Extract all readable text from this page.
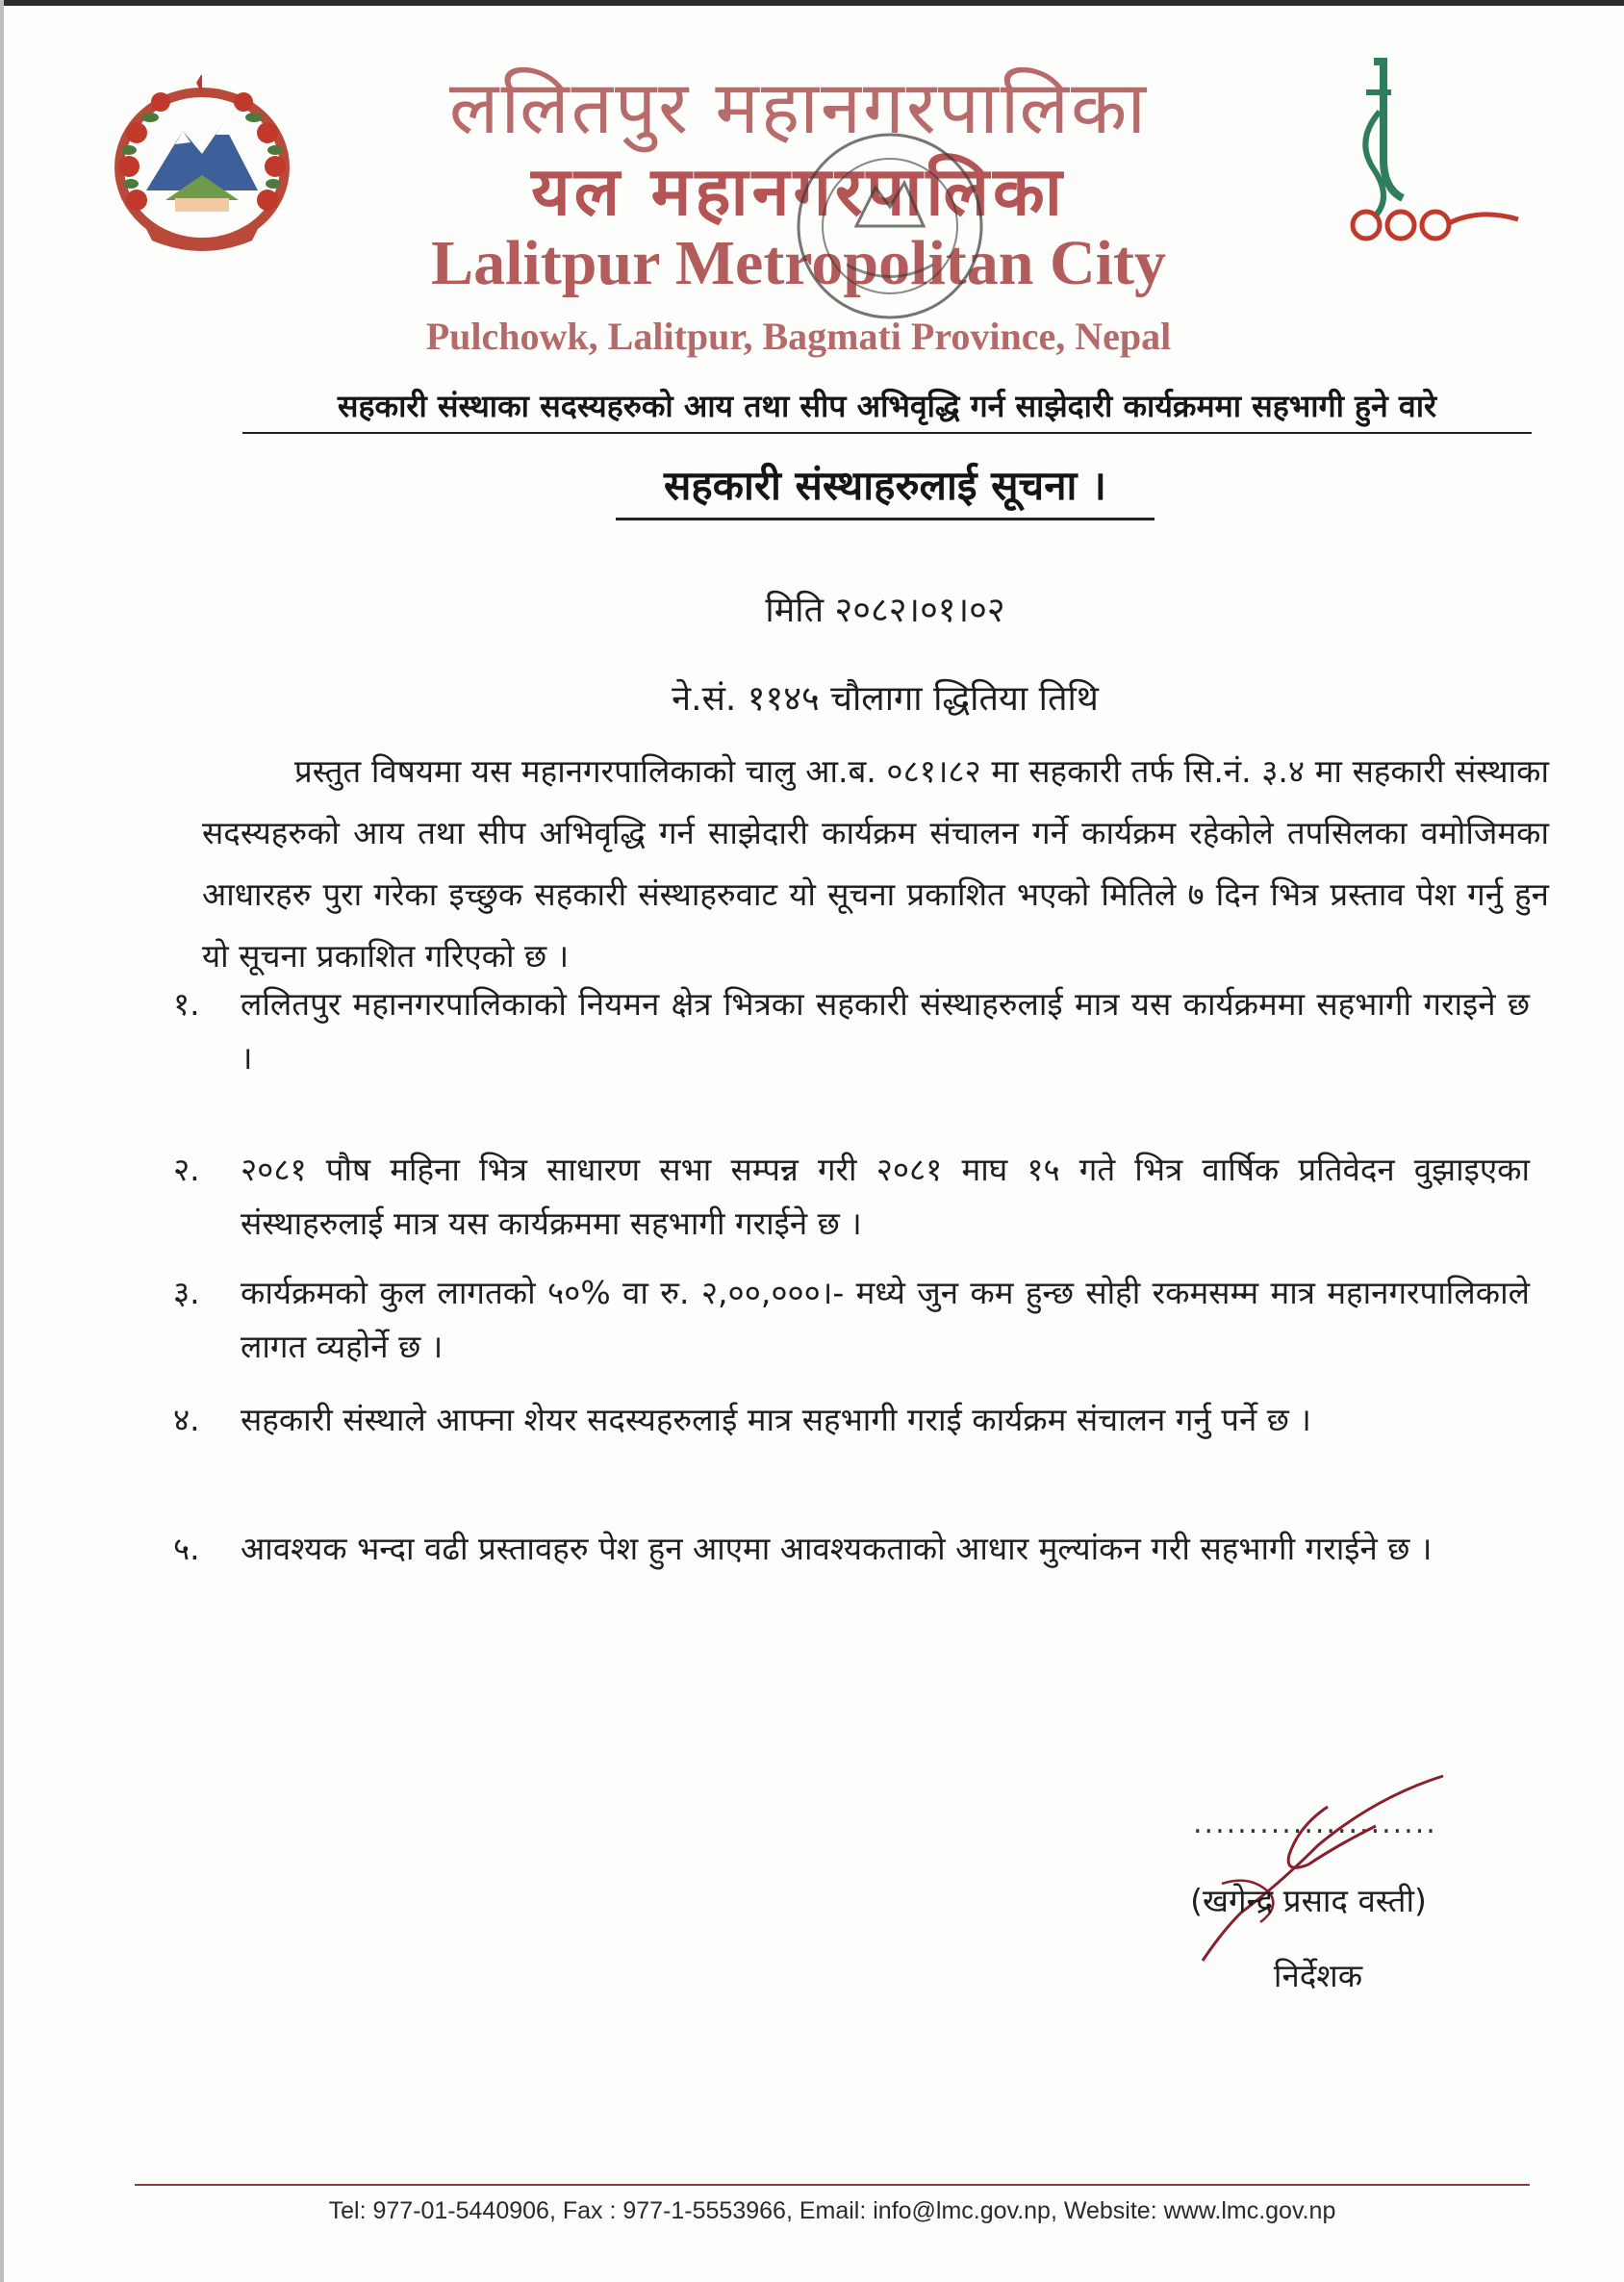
ललितपुर महानगरपालिका
यल महानगरपालिका
Lalitpur Metropolitan City
Pulchowk, Lalitpur, Bagmati Province, Nepal
सहकारी संस्थाका सदस्यहरुको आय तथा सीप अभिवृद्धि गर्न साझेदारी कार्यक्रममा सहभागी हुने वारे
सहकारी संस्थाहरुलाई सूचना ।
मिति २०८२।०१।०२
ने.सं. ११४५ चौलागा द्धितिया तिथि
प्रस्तुत विषयमा यस महानगरपालिकाको चालु आ.ब. ०८१।८२ मा सहकारी तर्फ सि.नं. ३.४ मा सहकारी संस्थाका सदस्यहरुको आय तथा सीप अभिवृद्धि गर्न साझेदारी कार्यक्रम संचालन गर्ने कार्यक्रम रहेकोले तपसिलका वमोजिमका आधारहरु पुरा गरेका इच्छुक सहकारी संस्थाहरुवाट यो सूचना प्रकाशित भएको मितिले ७ दिन भित्र प्रस्ताव पेश गर्नु हुन यो सूचना प्रकाशित गरिएको छ ।
१.	ललितपुर महानगरपालिकाको नियमन क्षेत्र भित्रका सहकारी संस्थाहरुलाई मात्र यस कार्यक्रममा सहभागी गराइने छ ।
२.	२०८१ पौष महिना भित्र साधारण सभा सम्पन्न गरी २०८१ माघ १५ गते भित्र वार्षिक प्रतिवेदन वुझाइएका संस्थाहरुलाई मात्र यस कार्यक्रममा सहभागी गराईने छ ।
३.	कार्यक्रमको कुल लागतको ५०% वा रु. २,००,०००।- मध्ये जुन कम हुन्छ सोही रकमसम्म मात्र महानगरपालिकाले लागत व्यहोर्ने छ ।
४.	सहकारी संस्थाले आफ्ना शेयर सदस्यहरुलाई मात्र सहभागी गराई कार्यक्रम संचालन गर्नु पर्ने छ ।
५.	आवश्यक भन्दा वढी प्रस्तावहरु पेश हुन आएमा आवश्यकताको आधार मुल्यांकन गरी सहभागी गराईने छ ।
......................
(खगेन्द्र प्रसाद वस्ती)
निर्देशक
Tel: 977-01-5440906, Fax : 977-1-5553966, Email: info@lmc.gov.np, Website: www.lmc.gov.np
